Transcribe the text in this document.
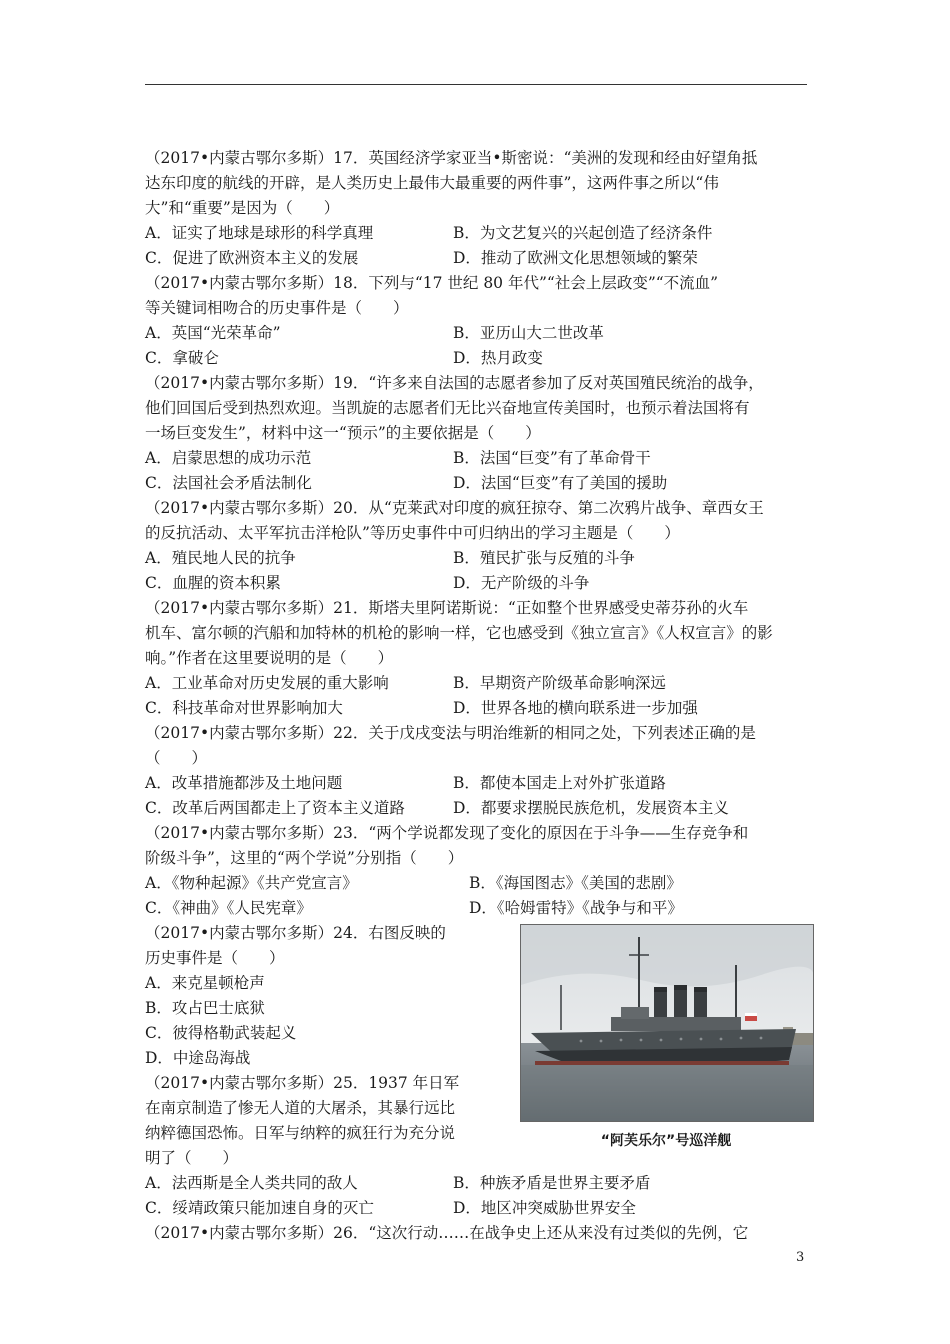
（2017•内蒙古鄂尔多斯）17．英国经济学家亚当•斯密说：“美洲的发现和经由好望角抵
达东印度的航线的开辟，是人类历史上最伟大最重要的两件事”，这两件事之所以“伟
大”和“重要”是因为（　　）
A．证实了地球是球形的科学真理	B．为文艺复兴的兴起创造了经济条件
C．促进了欧洲资本主义的发展	D．推动了欧洲文化思想领域的繁荣
（2017•内蒙古鄂尔多斯）18．下列与“17 世纪 80 年代”“社会上层政变”“不流血”
等关键词相吻合的历史事件是（　　）
A．英国“光荣革命”	B．亚历山大二世改革
C．拿破仑	D．热月政变
（2017•内蒙古鄂尔多斯）19．“许多来自法国的志愿者参加了反对英国殖民统治的战争，
他们回国后受到热烈欢迎。当凯旋的志愿者们无比兴奋地宣传美国时，也预示着法国将有
一场巨变发生”，材料中这一“预示”的主要依据是（　　）
A．启蒙思想的成功示范	B．法国“巨变”有了革命骨干
C．法国社会矛盾法制化	D．法国“巨变”有了美国的援助
（2017•内蒙古鄂尔多斯）20．从“克莱武对印度的疯狂掠夺、第二次鸦片战争、章西女王
的反抗活动、太平军抗击洋枪队”等历史事件中可归纳出的学习主题是（　　）
A．殖民地人民的抗争	B．殖民扩张与反殖的斗争
C．血腥的资本积累	D．无产阶级的斗争
（2017•内蒙古鄂尔多斯）21．斯塔夫里阿诺斯说：“正如整个世界感受史蒂芬孙的火车
机车、富尔顿的汽船和加特林的机枪的影响一样，它也感受到《独立宣言》《人权宣言》的影
响。”作者在这里要说明的是（　　）
A．工业革命对历史发展的重大影响	B．早期资产阶级革命影响深远
C．科技革命对世界影响加大	D．世界各地的横向联系进一步加强
（2017•内蒙古鄂尔多斯）22．关于戊戌变法与明治维新的相同之处，下列表述正确的是
（　　）
A．改革措施都涉及土地问题	B．都使本国走上对外扩张道路
C．改革后两国都走上了资本主义道路	D．都要求摆脱民族危机，发展资本主义
（2017•内蒙古鄂尔多斯）23．“两个学说都发现了变化的原因在于斗争——生存竞争和
阶级斗争”，这里的“两个学说”分别指（　　）
A．《物种起源》《共产党宣言》	B．《海国图志》《美国的悲剧》
C．《神曲》《人民宪章》	D．《哈姆雷特》《战争与和平》
“阿芙乐尔”号巡洋舰
（2017•内蒙古鄂尔多斯）24．右图反映的
历史事件是（　　）
A．来克星顿枪声
B．攻占巴士底狱
C．彼得格勒武装起义
D．中途岛海战
（2017•内蒙古鄂尔多斯）25．1937 年日军
在南京制造了惨无人道的大屠杀，其暴行远比
纳粹德国恐怖。日军与纳粹的疯狂行为充分说
明了（　　）
A．法西斯是全人类共同的敌人	B．种族矛盾是世界主要矛盾
C．绥靖政策只能加速自身的灭亡	D．地区冲突威胁世界安全
（2017•内蒙古鄂尔多斯）26．“这次行动……在战争史上还从来没有过类似的先例，它
3
